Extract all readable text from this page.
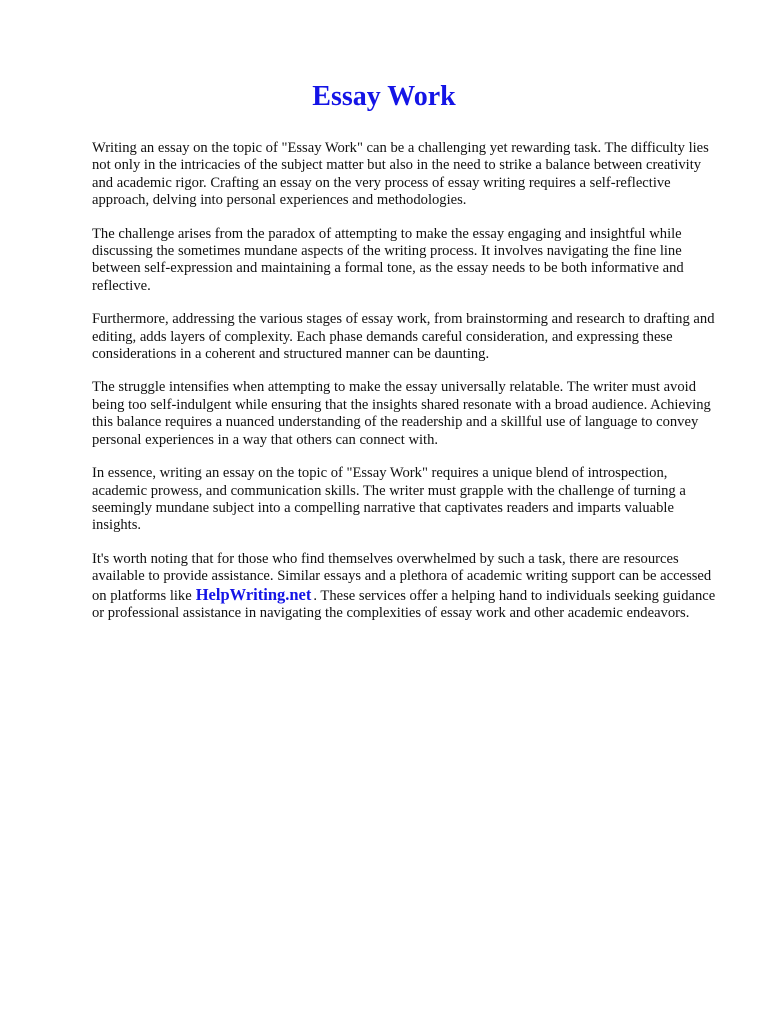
Essay Work

Writing an essay on the topic of "Essay Work" can be a challenging yet rewarding task. The difficulty lies not only in the intricacies of the subject matter but also in the need to strike a balance between creativity and academic rigor. Crafting an essay on the very process of essay writing requires a self-reflective approach, delving into personal experiences and methodologies.

The challenge arises from the paradox of attempting to make the essay engaging and insightful while discussing the sometimes mundane aspects of the writing process. It involves navigating the fine line between self-expression and maintaining a formal tone, as the essay needs to be both informative and reflective.

Furthermore, addressing the various stages of essay work, from brainstorming and research to drafting and editing, adds layers of complexity. Each phase demands careful consideration, and expressing these considerations in a coherent and structured manner can be daunting.

The struggle intensifies when attempting to make the essay universally relatable. The writer must avoid being too self-indulgent while ensuring that the insights shared resonate with a broad audience. Achieving this balance requires a nuanced understanding of the readership and a skillful use of language to convey personal experiences in a way that others can connect with.

In essence, writing an essay on the topic of "Essay Work" requires a unique blend of introspection, academic prowess, and communication skills. The writer must grapple with the challenge of turning a seemingly mundane subject into a compelling narrative that captivates readers and imparts valuable insights.

It's worth noting that for those who find themselves overwhelmed by such a task, there are resources available to provide assistance. Similar essays and a plethora of academic writing support can be accessed on platforms like HelpWriting.net . These services offer a helping hand to individuals seeking guidance or professional assistance in navigating the complexities of essay work and other academic endeavors.
